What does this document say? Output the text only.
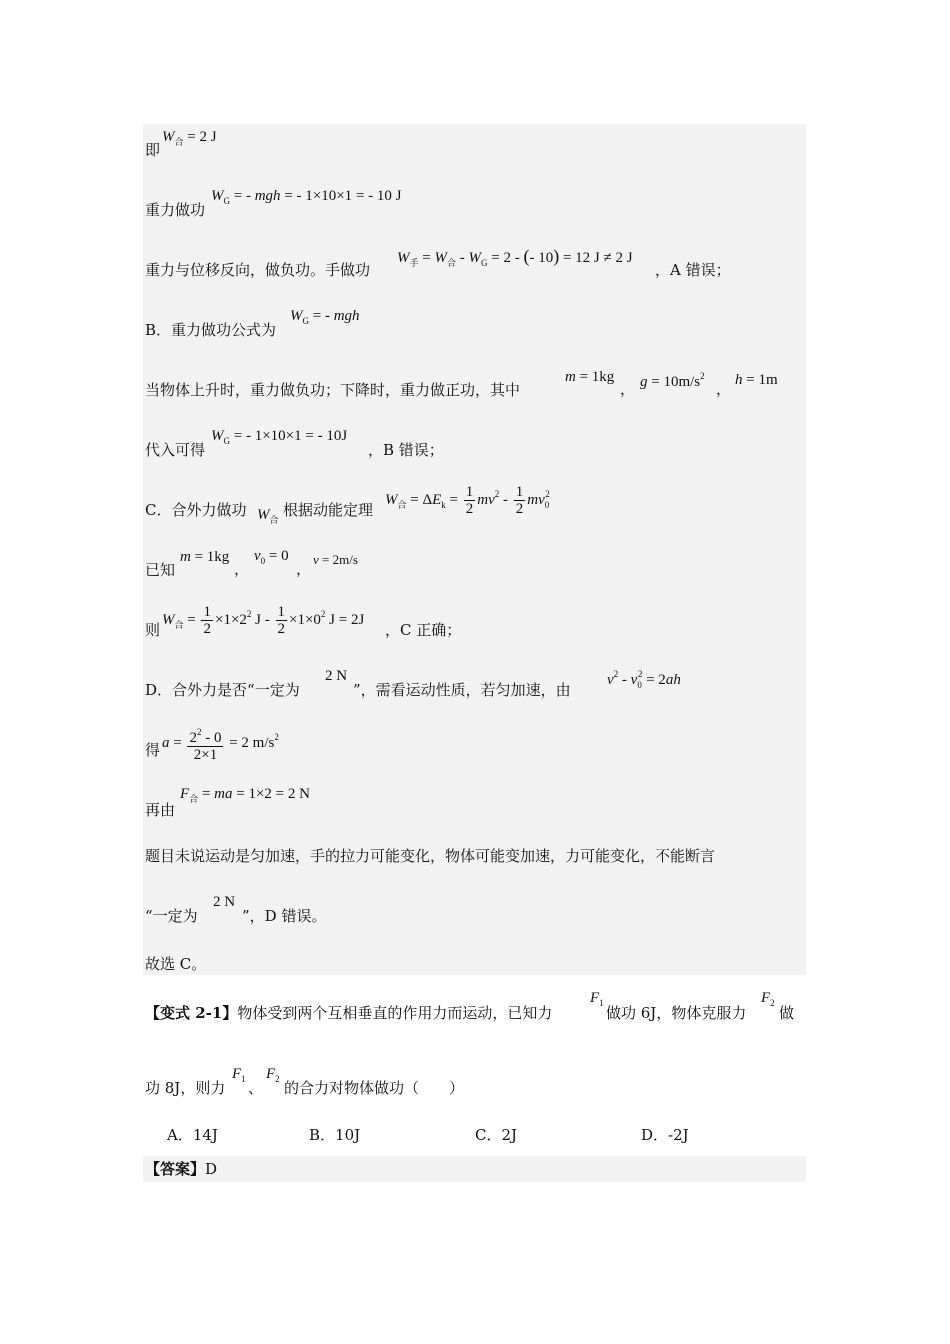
即
$W_合 = 2$ J
重力做功
$W_G$ = - mgh = - 1×10×1 = - 10 J
重力与位移反向，做负功。手做功
$W_手 = W_合 - W_G = 2$ - (- 10) = 12 J ≠ 2 J
，A 错误；
B．重力做功公式为
$W_G$ = - mgh
当物体上升时，重力做负功；下降时，重力做正功，其中
m = 1kg
， $g = 10m/s^2$
，
h = 1m
代入可得
$W_G$ = - 1×10×1 = - 10J
，B 错误；
C．合外力做功 $W_合$
根据动能定理
$W_合 = \Delta E_k = \frac{1}{2} mv^2 - \frac{1}{2} mv_0^2$
已知
m = 1kg
，
$v_0 = 0$
，
v = 2m/s
则
$W_合 = \frac{1}{2} \times 1\times 2^2$ $J - \frac{1}{2} \times 1\times 0^2$ J = 2J
，C 正确；
D．合外力是否“一定为
2 N
”，需看运动性质，若匀加速，由
$v^2 - v_0^2 = 2ah$
得 $a = \frac{2^2 - 0}{2\times 1} = 2$ $m/s^2$
再由
$F_合$ = ma = 1×2 = 2 N
题目未说运动是匀加速，手的拉力可能变化，物体可能变加速，力可能变化，不能断言
“一定为
2 N
”，D 错误。
故选 C。
【变式 2-1】物体受到两个互相垂直的作用力而运动，已知力
$F_1$
做功 6J，物体克服力
$F_2$
做
功 8J，则力
$F_1$ 、
$F_2$ 的合力对物体做功（　　）
A．14J	B．10J	C．2J	D．-2J
【答案】D
